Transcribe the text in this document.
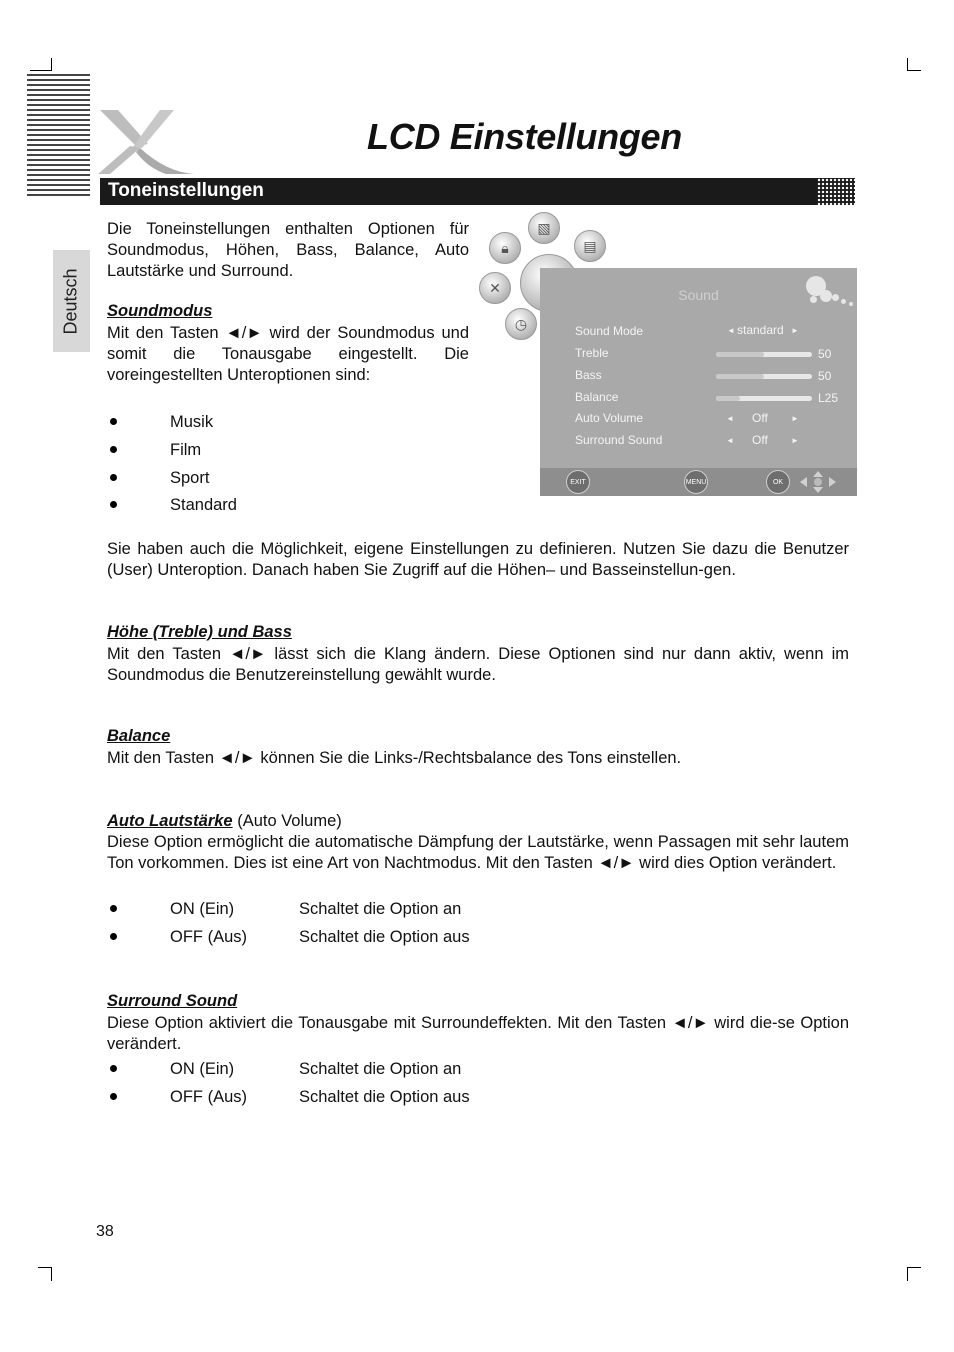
LCD Einstellungen
Toneinstellungen
Deutsch
Die Toneinstellungen enthalten Optionen für Soundmodus, Höhen, Bass, Balance, Auto Lautstärke und Surround.
Soundmodus
Mit den Tasten ◄/► wird der Soundmodus und somit die Tonausgabe eingestellt. Die voreingestellten Unteroptionen sind:
Musik
Film
Sport
Standard
Sie haben auch die Möglichkeit, eigene Einstellungen zu definieren. Nutzen Sie dazu die Benutzer (User) Unteroption. Danach haben Sie Zugriff auf die Höhen– und Basseinstellun-gen.
Höhe (Treble) und Bass
Mit den Tasten ◄/► lässt sich die Klang ändern. Diese Optionen sind nur dann aktiv, wenn im Soundmodus die Benutzereinstellung gewählt wurde.
Balance
Mit den Tasten ◄/► können Sie die Links-/Rechtsbalance des Tons einstellen.
Auto Lautstärke (Auto Volume)
Diese Option ermöglicht die automatische Dämpfung der Lautstärke, wenn Passagen mit sehr lautem Ton vorkommen. Dies ist eine Art von Nachtmodus. Mit den Tasten ◄/► wird dies Option verändert.
ON (Ein)	Schaltet die Option an
OFF (Aus)	Schaltet die Option aus
Surround Sound
Diese Option aktiviert die Tonausgabe mit Surroundeffekten. Mit den Tasten ◄/► wird die-se Option verändert.
ON (Ein)	Schaltet die Option an
OFF (Aus)	Schaltet die Option aus
38
▧
🔒︎	▤
✕
◷
Sound
Sound Mode	◄ standard ►
Treble	50
Bass	50
Balance	L25
Auto Volume	◄ Off	►
Surround Sound	◄ Off	►
EXIT	MENU	OK
